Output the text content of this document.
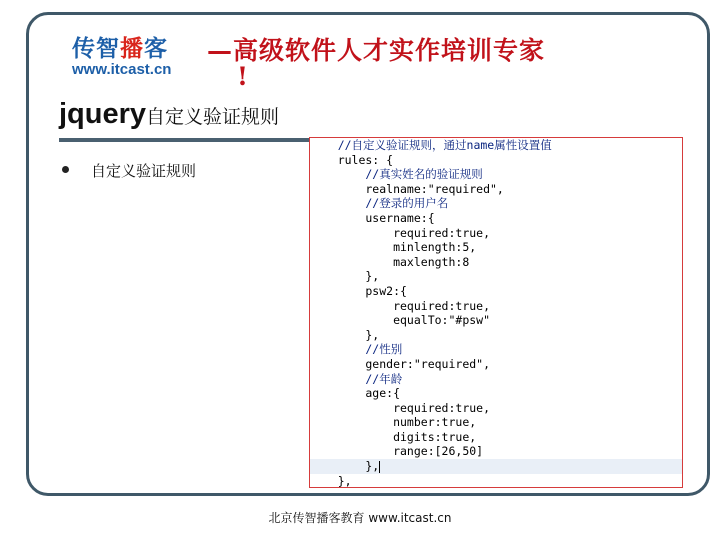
传智播客
www.itcast.cn
—高级软件人才实作培训专家
!
jquery自定义验证规则
自定义验证规则
//自定义验证规则，通过name属性设置值
rules: {
//真实姓名的验证规则
realname:"required",
//登录的用户名
username:{
required:true,
minlength:5,
maxlength:8
},
psw2:{
required:true,
equalTo:"#psw"
},
//性别
gender:"required",
//年龄
age:{
required:true,
number:true,
digits:true,
range:[26,50]
},
},
北京传智播客教育 www.itcast.cn
